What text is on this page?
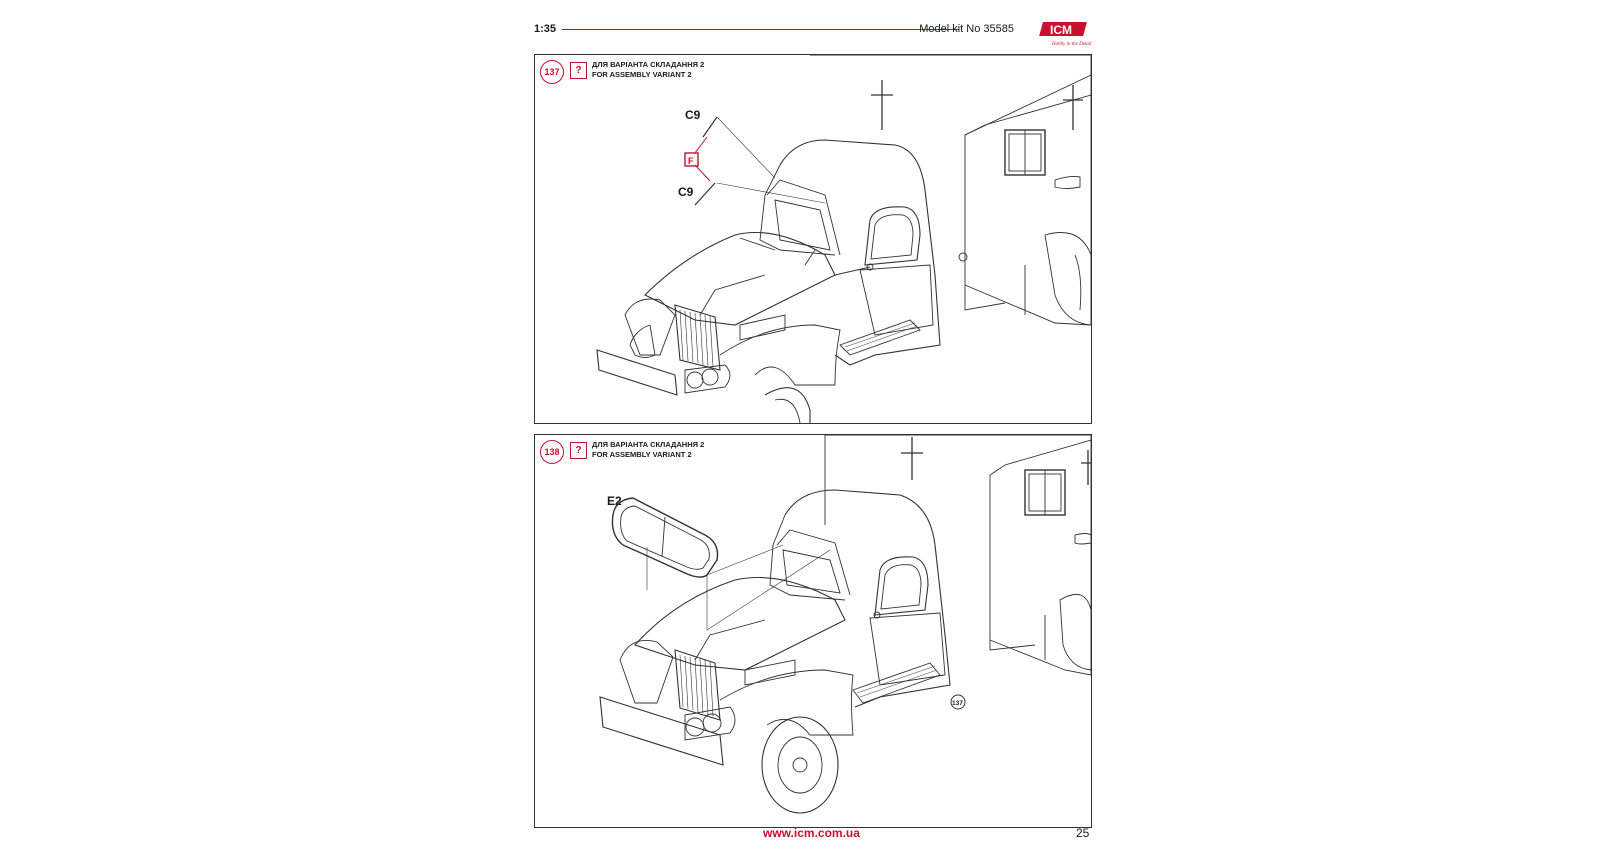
1:35	Model kit No 35585	ICM
Hobby in the Detail
137	?
ДЛЯ ВАРІАНТА СКЛАДАННЯ 2
FOR ASSEMBLY VARIANT 2
F
C9
C9
138	?
ДЛЯ ВАРІАНТА СКЛАДАННЯ 2
FOR ASSEMBLY VARIANT 2
E2
137
www.icm.com.ua	25
